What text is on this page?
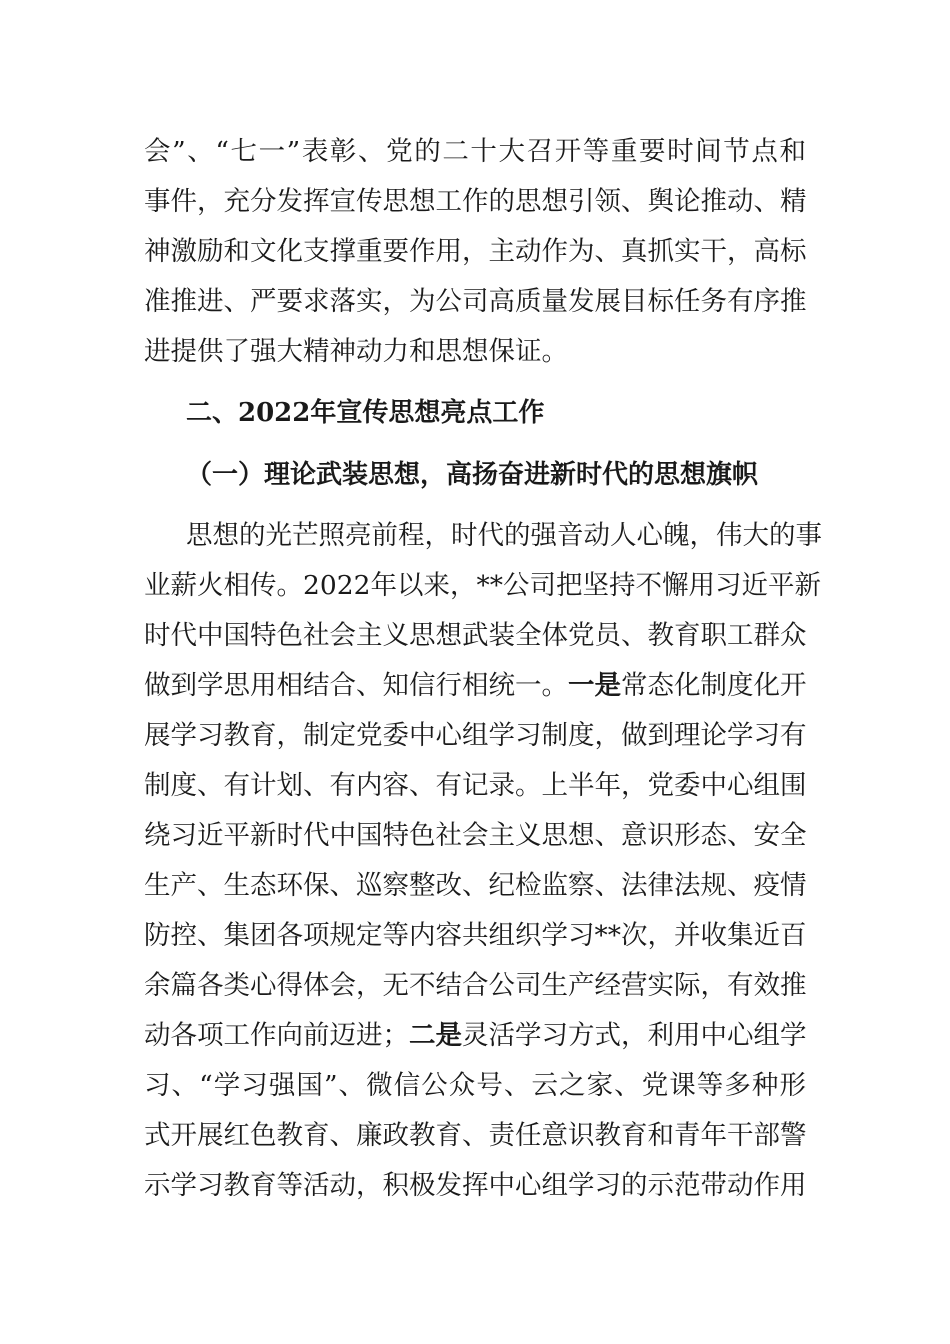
会”、“七一”表彰、党的二十大召开等重要时间节点和
事件，充分发挥宣传思想工作的思想引领、舆论推动、精
神激励和文化支撑重要作用，主动作为、真抓实干，高标
准推进、严要求落实，为公司高质量发展目标任务有序推
进提供了强大精神动力和思想保证。
二、2022年宣传思想亮点工作
（一）理论武装思想，高扬奋进新时代的思想旗帜
思想的光芒照亮前程，时代的强音动人心魄，伟大的事
业薪火相传。2022年以来，**公司把坚持不懈用习近平新
时代中国特色社会主义思想武装全体党员、教育职工群众
做到学思用相结合、知信行相统一。一是常态化制度化开
展学习教育，制定党委中心组学习制度，做到理论学习有
制度、有计划、有内容、有记录。上半年，党委中心组围
绕习近平新时代中国特色社会主义思想、意识形态、安全
生产、生态环保、巡察整改、纪检监察、法律法规、疫情
防控、集团各项规定等内容共组织学习**次，并收集近百
余篇各类心得体会，无不结合公司生产经营实际，有效推
动各项工作向前迈进；二是灵活学习方式，利用中心组学
习、“学习强国”、微信公众号、云之家、党课等多种形
式开展红色教育、廉政教育、责任意识教育和青年干部警
示学习教育等活动，积极发挥中心组学习的示范带动作用
